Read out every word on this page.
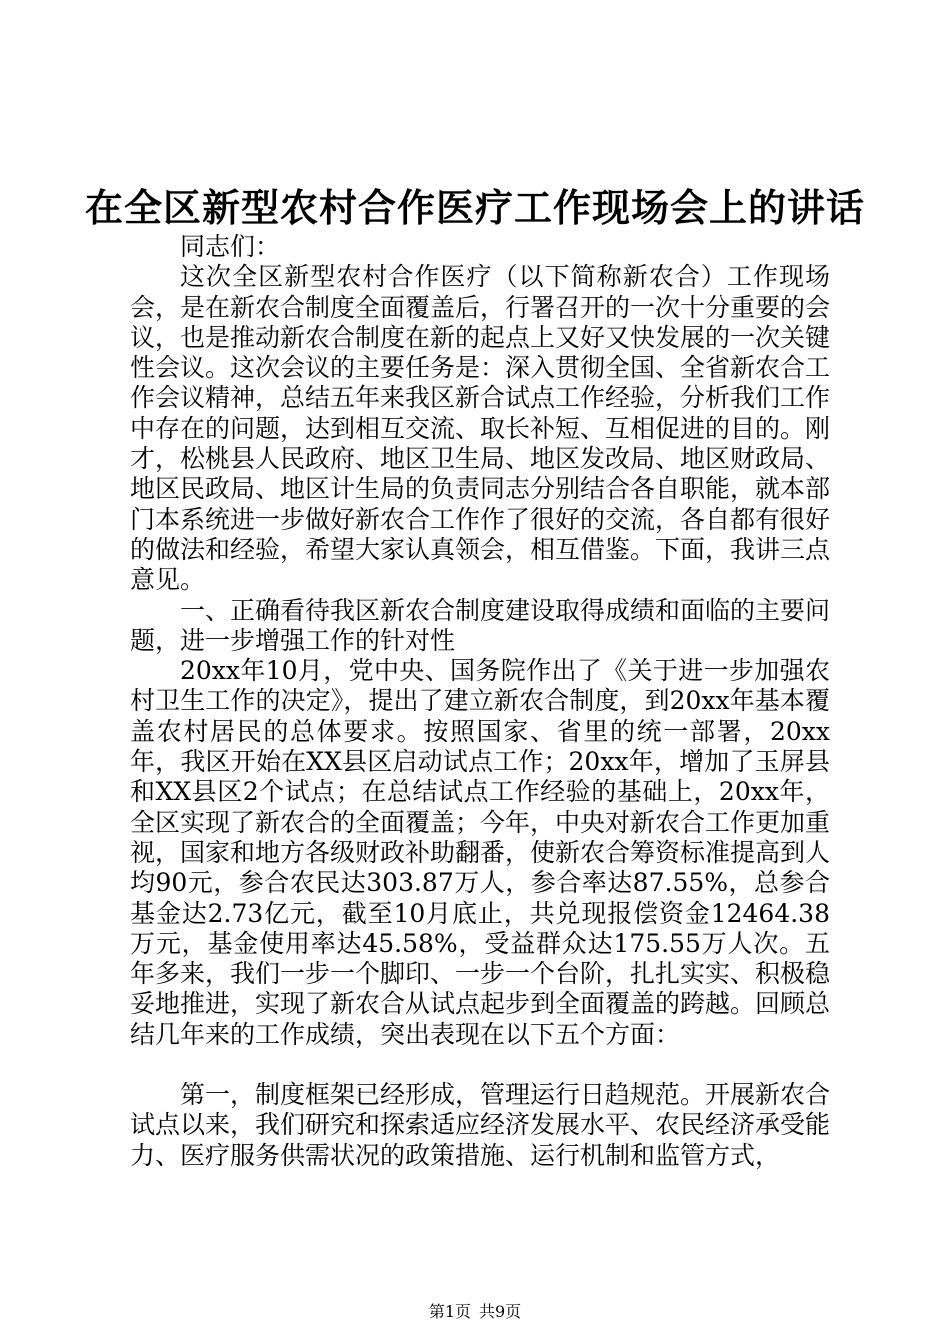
在全区新型农村合作医疗工作现场会上的讲话

同志们：

这次全区新型农村合作医疗（以下简称新农合）工作现场会，是在新农合制度全面覆盖后，行署召开的一次十分重要的会议，也是推动新农合制度在新的起点上又好又快发展的一次关键性会议。这次会议的主要任务是：深入贯彻全国、全省新农合工作会议精神，总结五年来我区新合试点工作经验，分析我们工作中存在的问题，达到相互交流、取长补短、互相促进的目的。刚才，松桃县人民政府、地区卫生局、地区发改局、地区财政局、地区民政局、地区计生局的负责同志分别结合各自职能，就本部门本系统进一步做好新农合工作作了很好的交流，各自都有很好的做法和经验，希望大家认真领会，相互借鉴。下面，我讲三点意见。

一、正确看待我区新农合制度建设取得成绩和面临的主要问题，进一步增强工作的针对性

20xx年10月，党中央、国务院作出了《关于进一步加强农村卫生工作的决定》，提出了建立新农合制度，到20xx年基本覆盖农村居民的总体要求。按照国家、省里的统一部署，20xx年，我区开始在XX县区启动试点工作；20xx年，增加了玉屏县和XX县区2个试点；在总结试点工作经验的基础上，20xx年，全区实现了新农合的全面覆盖；今年，中央对新农合工作更加重视，国家和地方各级财政补助翻番，使新农合筹资标准提高到人均90元，参合农民达303.87万人，参合率达87.55%，总参合基金达2.73亿元，截至10月底止，共兑现报偿资金12464.38万元，基金使用率达45.58%，受益群众达175.55万人次。五年多来，我们一步一个脚印、一步一个台阶，扎扎实实、积极稳妥地推进，实现了新农合从试点起步到全面覆盖的跨越。回顾总结几年来的工作成绩，突出表现在以下五个方面：

第一，制度框架已经形成，管理运行日趋规范。开展新农合试点以来，我们研究和探索适应经济发展水平、农民经济承受能力、医疗服务供需状况的政策措施、运行机制和监管方式，

第1页 共9页
